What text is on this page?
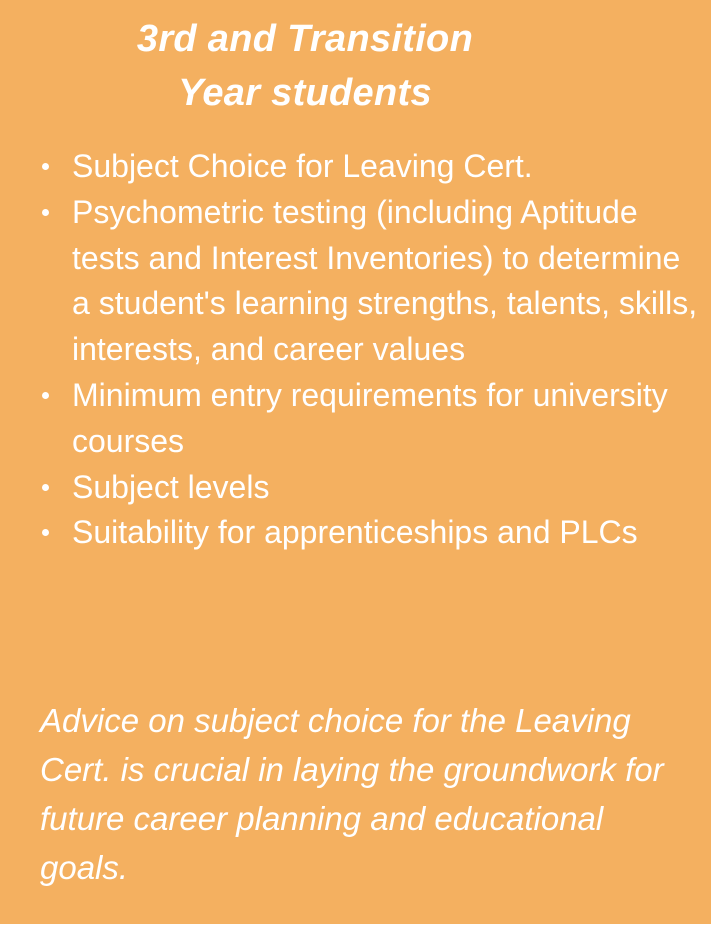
3rd and Transition
Year students
Subject Choice for Leaving Cert.
Psychometric testing (including Aptitude tests and Interest Inventories) to determine a student's learning strengths, talents, skills, interests, and career values
Minimum entry requirements for university courses
Subject levels
Suitability for apprenticeships and PLCs
Advice on subject choice for the Leaving Cert. is crucial in laying the groundwork for future career planning and educational goals.
